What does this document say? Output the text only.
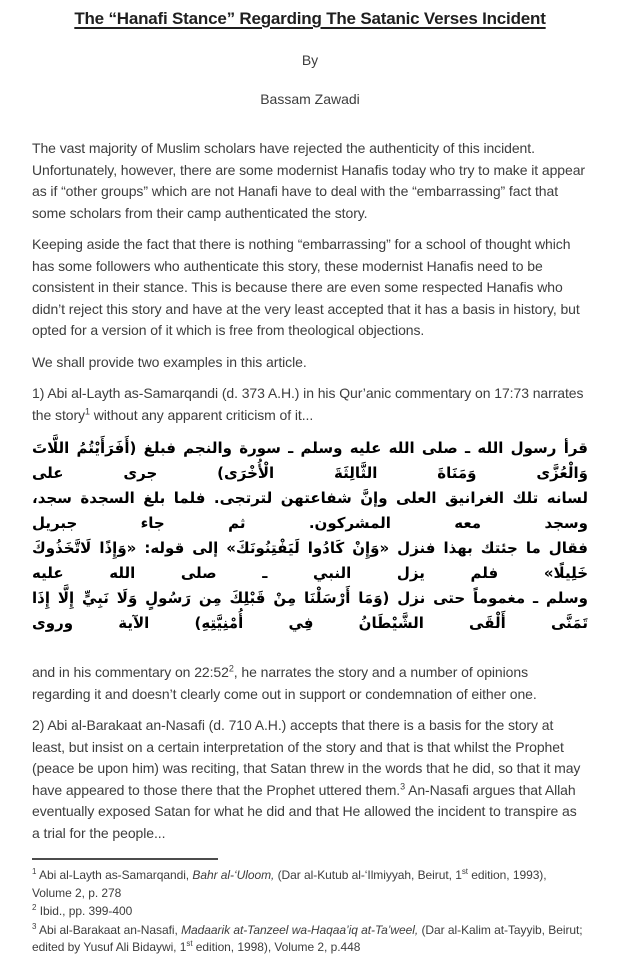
The “Hanafi Stance” Regarding The Satanic Verses Incident

By

Bassam Zawadi

The vast majority of Muslim scholars have rejected the authenticity of this incident. Unfortunately, however, there are some modernist Hanafis today who try to make it appear as if “other groups” which are not Hanafi have to deal with the “embarrassing” fact that some scholars from their camp authenticated the story.

Keeping aside the fact that there is nothing “embarrassing” for a school of thought which has some followers who authenticate this story, these modernist Hanafis need to be consistent in their stance. This is because there are even some respected Hanafis who didn’t reject this story and have at the very least accepted that it has a basis in history, but opted for a version of it which is free from theological objections.

We shall provide two examples in this article.

1) Abi al-Layth as-Samarqandi (d. 373 A.H.) in his Qur’anic commentary on 17:73 narrates the story$^1$ without any apparent criticism of it...

قرأ رسول الله ـ صلى الله عليه وسلم ـ سورة والنجم فبلغ (أَفَرَأَيْتُمُ اللَّاتَ وَالْعُزَّى وَمَنَاةَ الثَّالِثَةَ الْأُخْرَى) جرى على
لسانه تلك الغرانيق العلى وإنَّ شفاعتهن لترتجى. فلما بلغ السجدة سجد، وسجد معه المشركون. ثم جاء جبريل
فقال ما جئتك بهذا فنزل «وَإِنْ كَادُوا لَيَفْتِنُونَكَ» إلى قوله: «وَإِذًا لَاتَّخَذُوكَ خَلِيلًا» فلم يزل النبي ـ صلى الله عليه
وسلم ـ مغموماً حتى نزل (وَمَا أَرْسَلْنَا مِنْ قَبْلِكَ مِن رَسُولٍ وَلَا نَبِيٍّ إِلَّا إِذَا تَمَنَّى أَلْقَى الشَّيْطَانُ فِي أُمْنِيَّتِهِ) الآية وروى

and in his commentary on $22:52^2$, he narrates the story and a number of opinions regarding it and doesn’t clearly come out in support or condemnation of either one.

2) Abi al-Barakaat an-Nasafi (d. 710 A.H.) accepts that there is a basis for the story at least, but insist on a certain interpretation of the story and that is that whilst the Prophet (peace be upon him) was reciting, that Satan threw in the words that he did, so that it may have appeared to those there that the Prophet uttered them.$^3$ An-Nasafi argues that Allah eventually exposed Satan for what he did and that He allowed the incident to transpire as a trial for the people...

$^1$ Abi al-Layth as-Samarqandi, Bahr al-‘Uloom, (Dar al-Kutub al-‘Ilmiyyah, Beirut, 1st edition, 1993), Volume 2, p. 278

$^2$ Ibid., pp. 399-400

$^3$ Abi al-Barakaat an-Nasafi, Madaarik at-Tanzeel wa-Haqaa’iq at-Ta’weel, (Dar al-Kalim at-Tayyib, Beirut; edited by Yusuf Ali Bidaywi, 1st edition, 1998), Volume 2, p.448
